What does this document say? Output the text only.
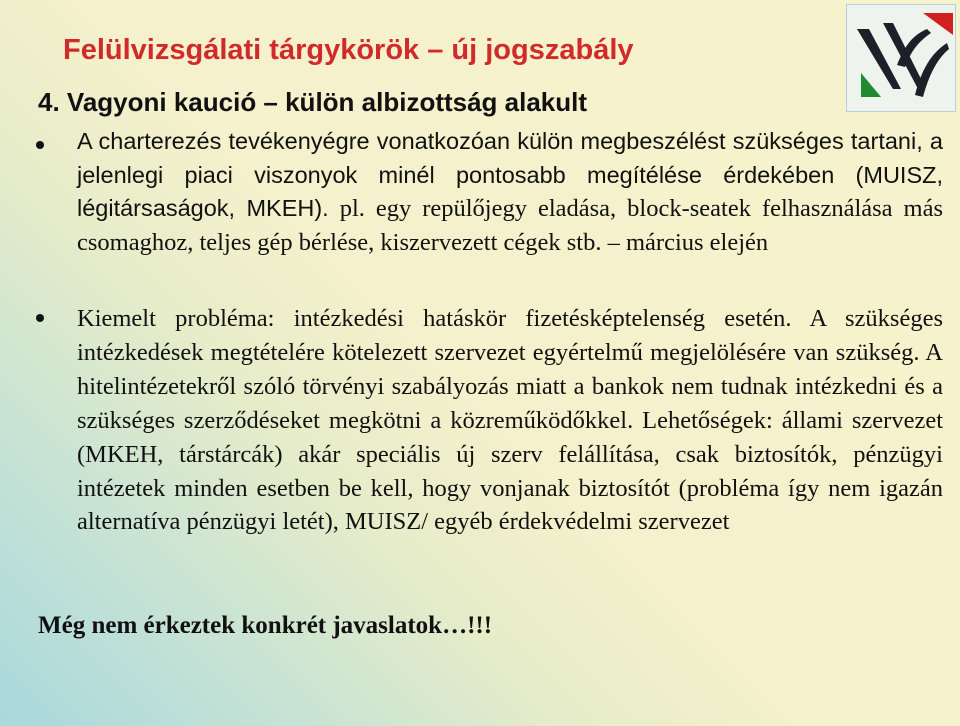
Felülvizsgálati tárgykörök – új jogszabály
4. Vagyoni kaució – külön albizottság alakult

A charterezés tevékenyégre vonatkozóan külön megbeszélést szükséges tartani, a jelenlegi piaci viszonyok minél pontosabb megítélése érdekében (MUISZ, légitársaságok, MKEH). pl. egy repülőjegy eladása, block-seatek felhasználása más csomaghoz, teljes gép bérlése, kiszervezett cégek stb. – március elején

Kiemelt probléma: intézkedési hatáskör fizetésképtelenség esetén. A szükséges intézkedések megtételére kötelezett szervezet egyértelmű megjelölésére van szükség. A hitelintézetekről szóló törvényi szabályozás miatt a bankok nem tudnak intézkedni és a szükséges szerződéseket megkötni a közreműködőkkel. Lehetőségek: állami szervezet (MKEH, társtárcák) akár speciális új szerv felállítása, csak biztosítók, pénzügyi intézetek minden esetben be kell, hogy vonjanak biztosítót (probléma így nem igazán alternatíva pénzügyi letét), MUISZ/ egyéb érdekvédelmi szervezet

Még nem érkeztek konkrét javaslatok…!!!
